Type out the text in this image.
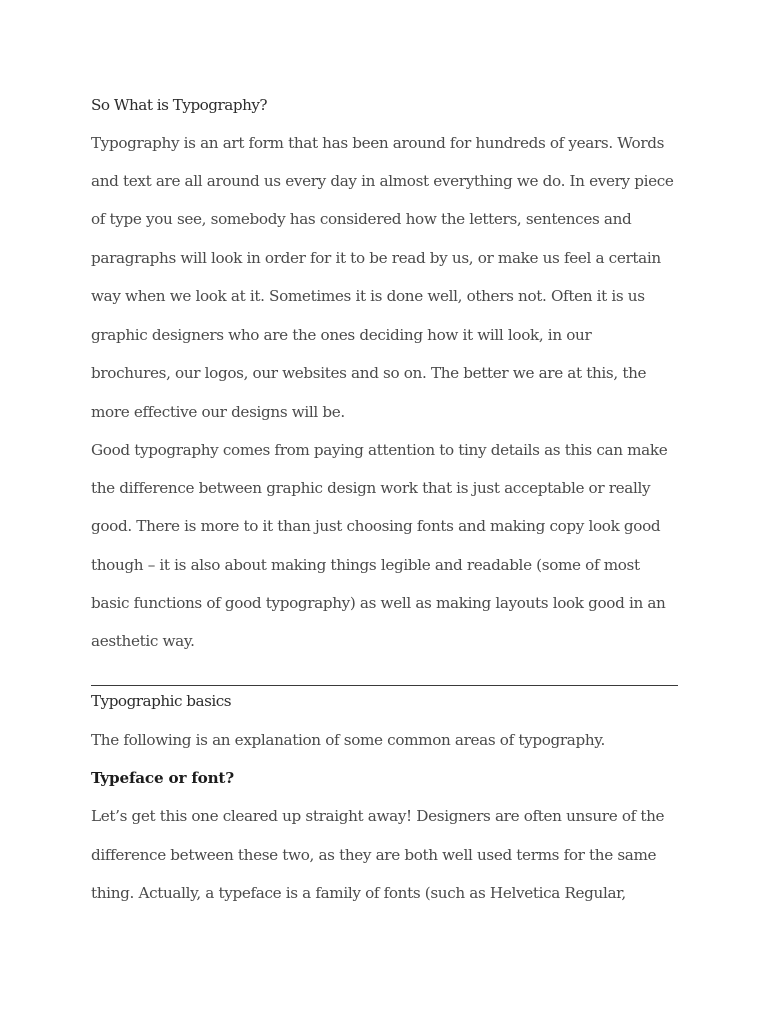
So What is Typography?
Typography is an art form that has been around for hundreds of years. Words
and text are all around us every day in almost everything we do. In every piece
of type you see, somebody has considered how the letters, sentences and
paragraphs will look in order for it to be read by us, or make us feel a certain
way when we look at it. Sometimes it is done well, others not. Often it is us
graphic designers who are the ones deciding how it will look, in our
brochures, our logos, our websites and so on. The better we are at this, the
more effective our designs will be.
Good typography comes from paying attention to tiny details as this can make
the difference between graphic design work that is just acceptable or really
good. There is more to it than just choosing fonts and making copy look good
though – it is also about making things legible and readable (some of most
basic functions of good typography) as well as making layouts look good in an
aesthetic way.
Typographic basics
The following is an explanation of some common areas of typography.
Typeface or font?
Let’s get this one cleared up straight away! Designers are often unsure of the
difference between these two, as they are both well used terms for the same
thing. Actually, a typeface is a family of fonts (such as Helvetica Regular,
